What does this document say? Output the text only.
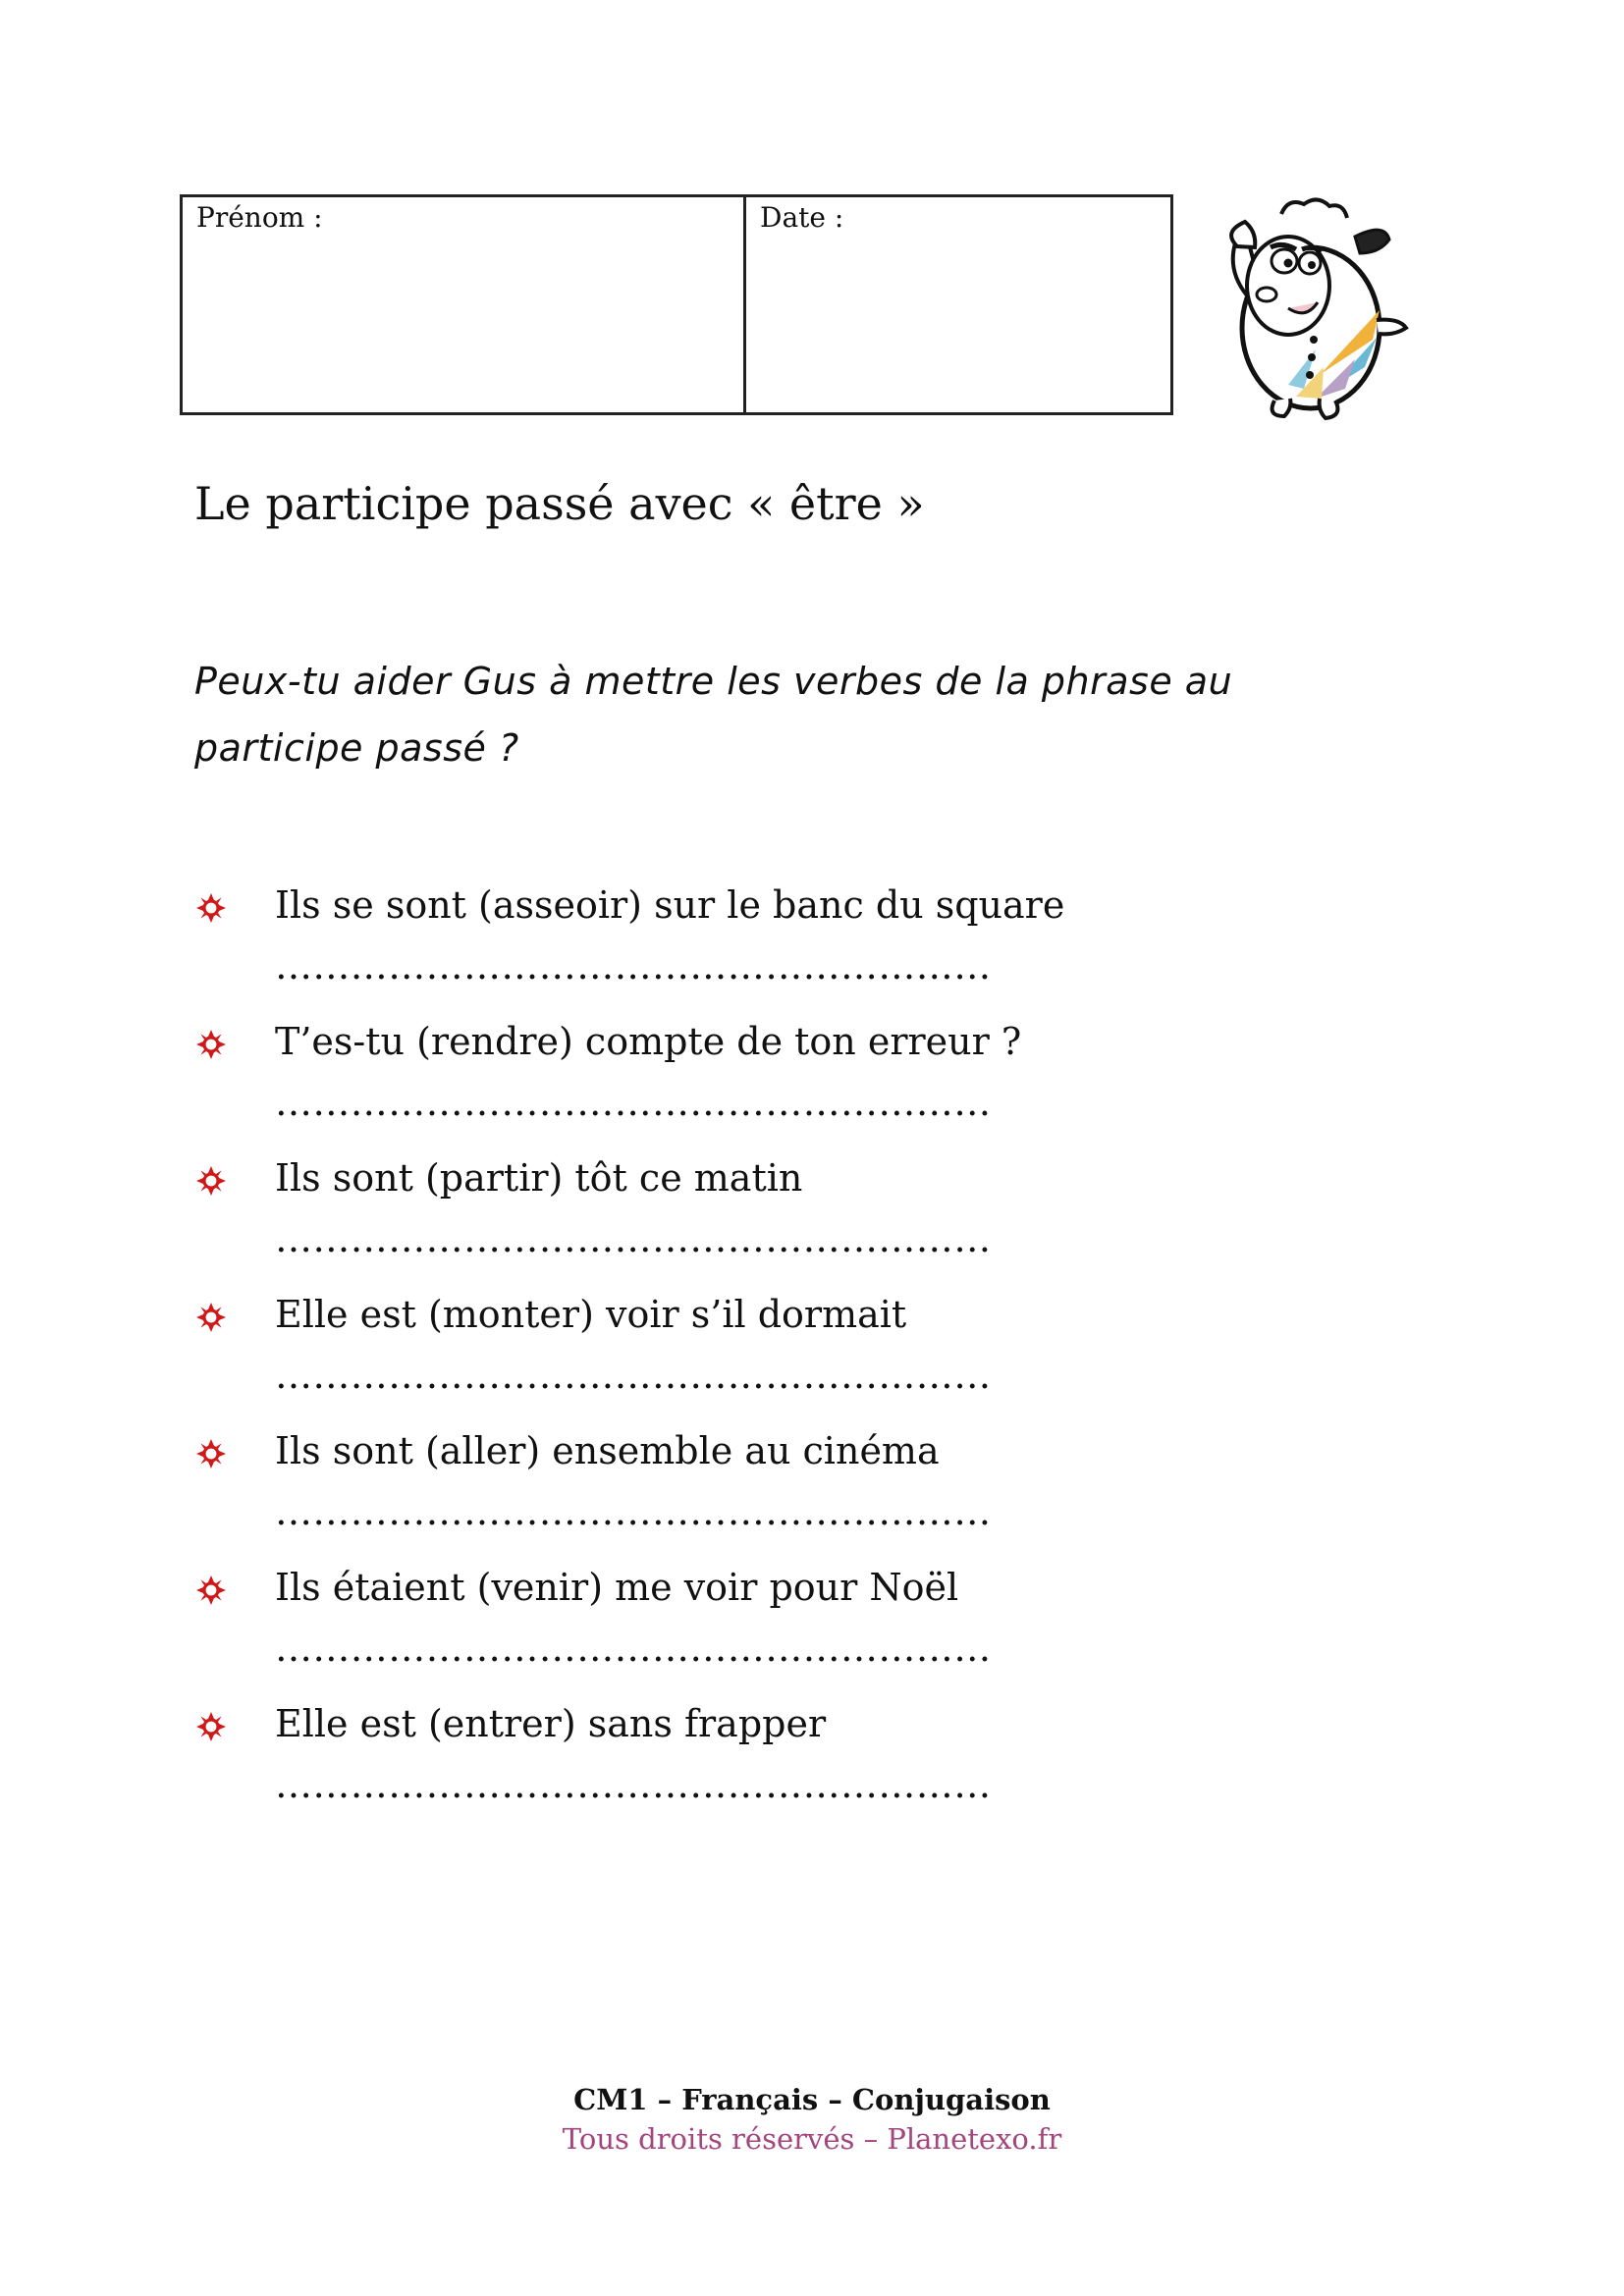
Prénom :	Date :
Le participe passé avec « être »

Peux-tu aider Gus à mettre les verbes de la phrase au participe passé ?

Ils se sont (asseoir) sur le banc du square
…………………………………………………
T’es-tu (rendre) compte de ton erreur ?
…………………………………………………
Ils sont (partir) tôt ce matin
…………………………………………………
Elle est (monter) voir s’il dormait
…………………………………………………
Ils sont (aller) ensemble au cinéma
…………………………………………………
Ils étaient (venir) me voir pour Noël
…………………………………………………
Elle est (entrer) sans frapper
…………………………………………………
CM1 – Français – Conjugaison
Tous droits réservés – Planetexo.fr
